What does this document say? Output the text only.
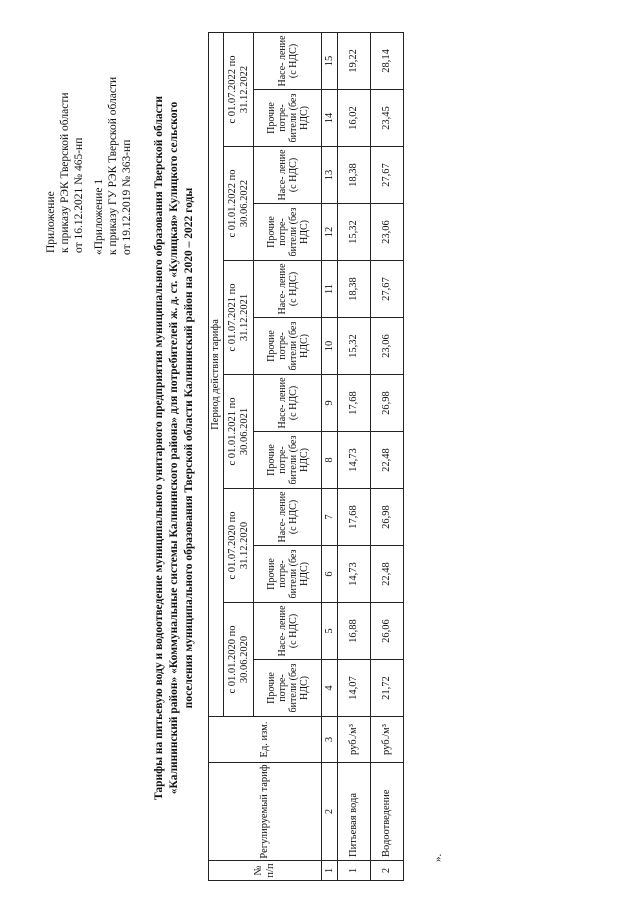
Приложение к приказу РЭК Тверской области от 16.12.2021 № 465-нп «Приложение 1 к приказу ГУ РЭК Тверской области от 19.12.2019 № 363-нп Тарифы на питьевую воду и водоотведение муниципального унитарного предприятия муниципального образования Тверской области «Калининский район» «Коммунальные системы Калининского района» для потребителей ж. д. ст. «Кулицкая» Кулицкого сельского поселения муниципального образования Тверской области Калининский район на 2020 – 2022 годы
№ п/п	Регулируемый тариф	Ед. изм.	Период действия тарифа											
			с 01.01.2020 по 30.06.2020		с 01.07.2020 по 31.12.2020		с 01.01.2021 по 30.06.2021		с 01.07.2021 по 31.12.2021		с 01.01.2022 по 30.06.2022		с 01.07.2022 по 31.12.2022	
			Прочие потре- бители (без НДС)	Насе- ление (с НДС)	Прочие потре- бители (без НДС)	Насе- ление (с НДС)	Прочие потре- бители (без НДС)	Насе- ление (с НДС)	Прочие потре- бители (без НДС)	Насе- ление (с НДС)	Прочие потре- бители (без НДС)	Насе- ление (с НДС)	Прочие потре- бители (без НДС)	Насе- ление (с НДС)
1	2	3	4	5	6	7	8	9	10	11	12	13	14	15
1	Питьевая вода	руб./м³	14,07	16,88	14,73	17,68	14,73	17,68	15,32	18,38	15,32	18,38	16,02	19,22
2	Водоотведение	руб./м³	21,72	26,06	22,48	26,98	22,48	26,98	23,06	27,67	23,06	27,67	23,45	28,14
».
